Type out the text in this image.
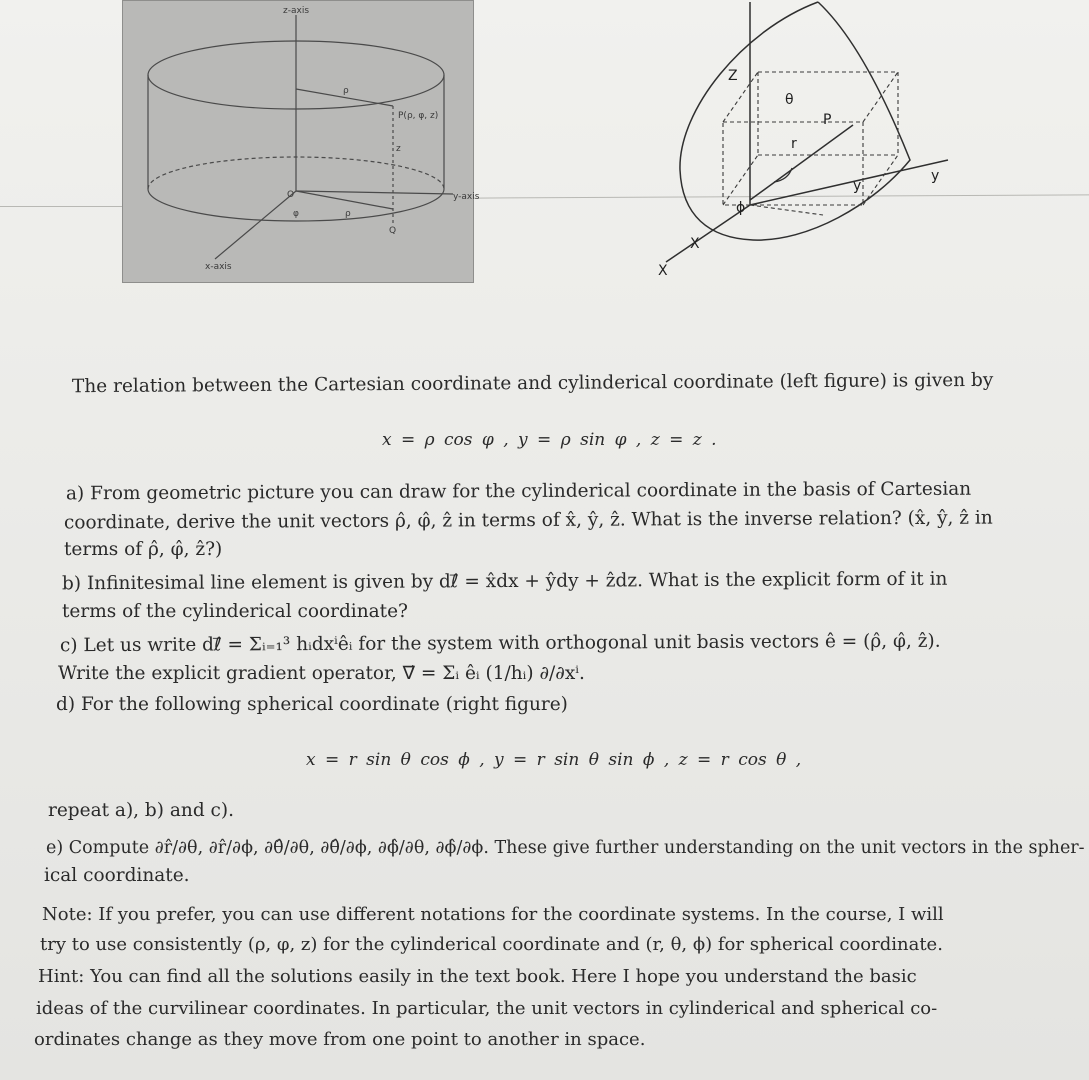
z-axis
y-axis
x-axis
ρ
P(ρ, φ, z)
z
O
φ	ρ
Q
Z
θ
P
r
y
y
ϕ
X
X
The relation between the Cartesian coordinate and cylinderical coordinate (left figure) is given by
x = ρ cos φ , y = ρ sin φ , z = z .
a) From geometric picture you can draw for the cylinderical coordinate in the basis of Cartesian
coordinate, derive the unit vectors ρ̂, φ̂, ẑ in terms of x̂, ŷ, ẑ. What is the inverse relation? (x̂, ŷ, ẑ in
terms of ρ̂, φ̂, ẑ?)
b) Infinitesimal line element is given by dℓ⃗ = x̂dx + ŷdy + ẑdz. What is the explicit form of it in
terms of the cylinderical coordinate?
c) Let us write dℓ⃗ = Σᵢ₌₁³ hᵢdxⁱêᵢ for the system with orthogonal unit basis vectors ê = (ρ̂, φ̂, ẑ).
Write the explicit gradient operator, ∇⃗ = Σᵢ êᵢ (1/hᵢ) ∂/∂xⁱ.
d) For the following spherical coordinate (right figure)
x = r sin θ cos ϕ , y = r sin θ sin ϕ , z = r cos θ ,
repeat a), b) and c).
e) Compute ∂r̂/∂θ, ∂r̂/∂ϕ, ∂θ̂/∂θ, ∂θ̂/∂ϕ, ∂ϕ̂/∂θ, ∂ϕ̂/∂ϕ. These give further understanding on the unit vectors in the spher-
ical coordinate.
Note: If you prefer, you can use different notations for the coordinate systems. In the course, I will
try to use consistently (ρ, φ, z) for the cylinderical coordinate and (r, θ, ϕ) for spherical coordinate.
Hint: You can find all the solutions easily in the text book. Here I hope you understand the basic
ideas of the curvilinear coordinates. In particular, the unit vectors in cylinderical and spherical co-
ordinates change as they move from one point to another in space.
